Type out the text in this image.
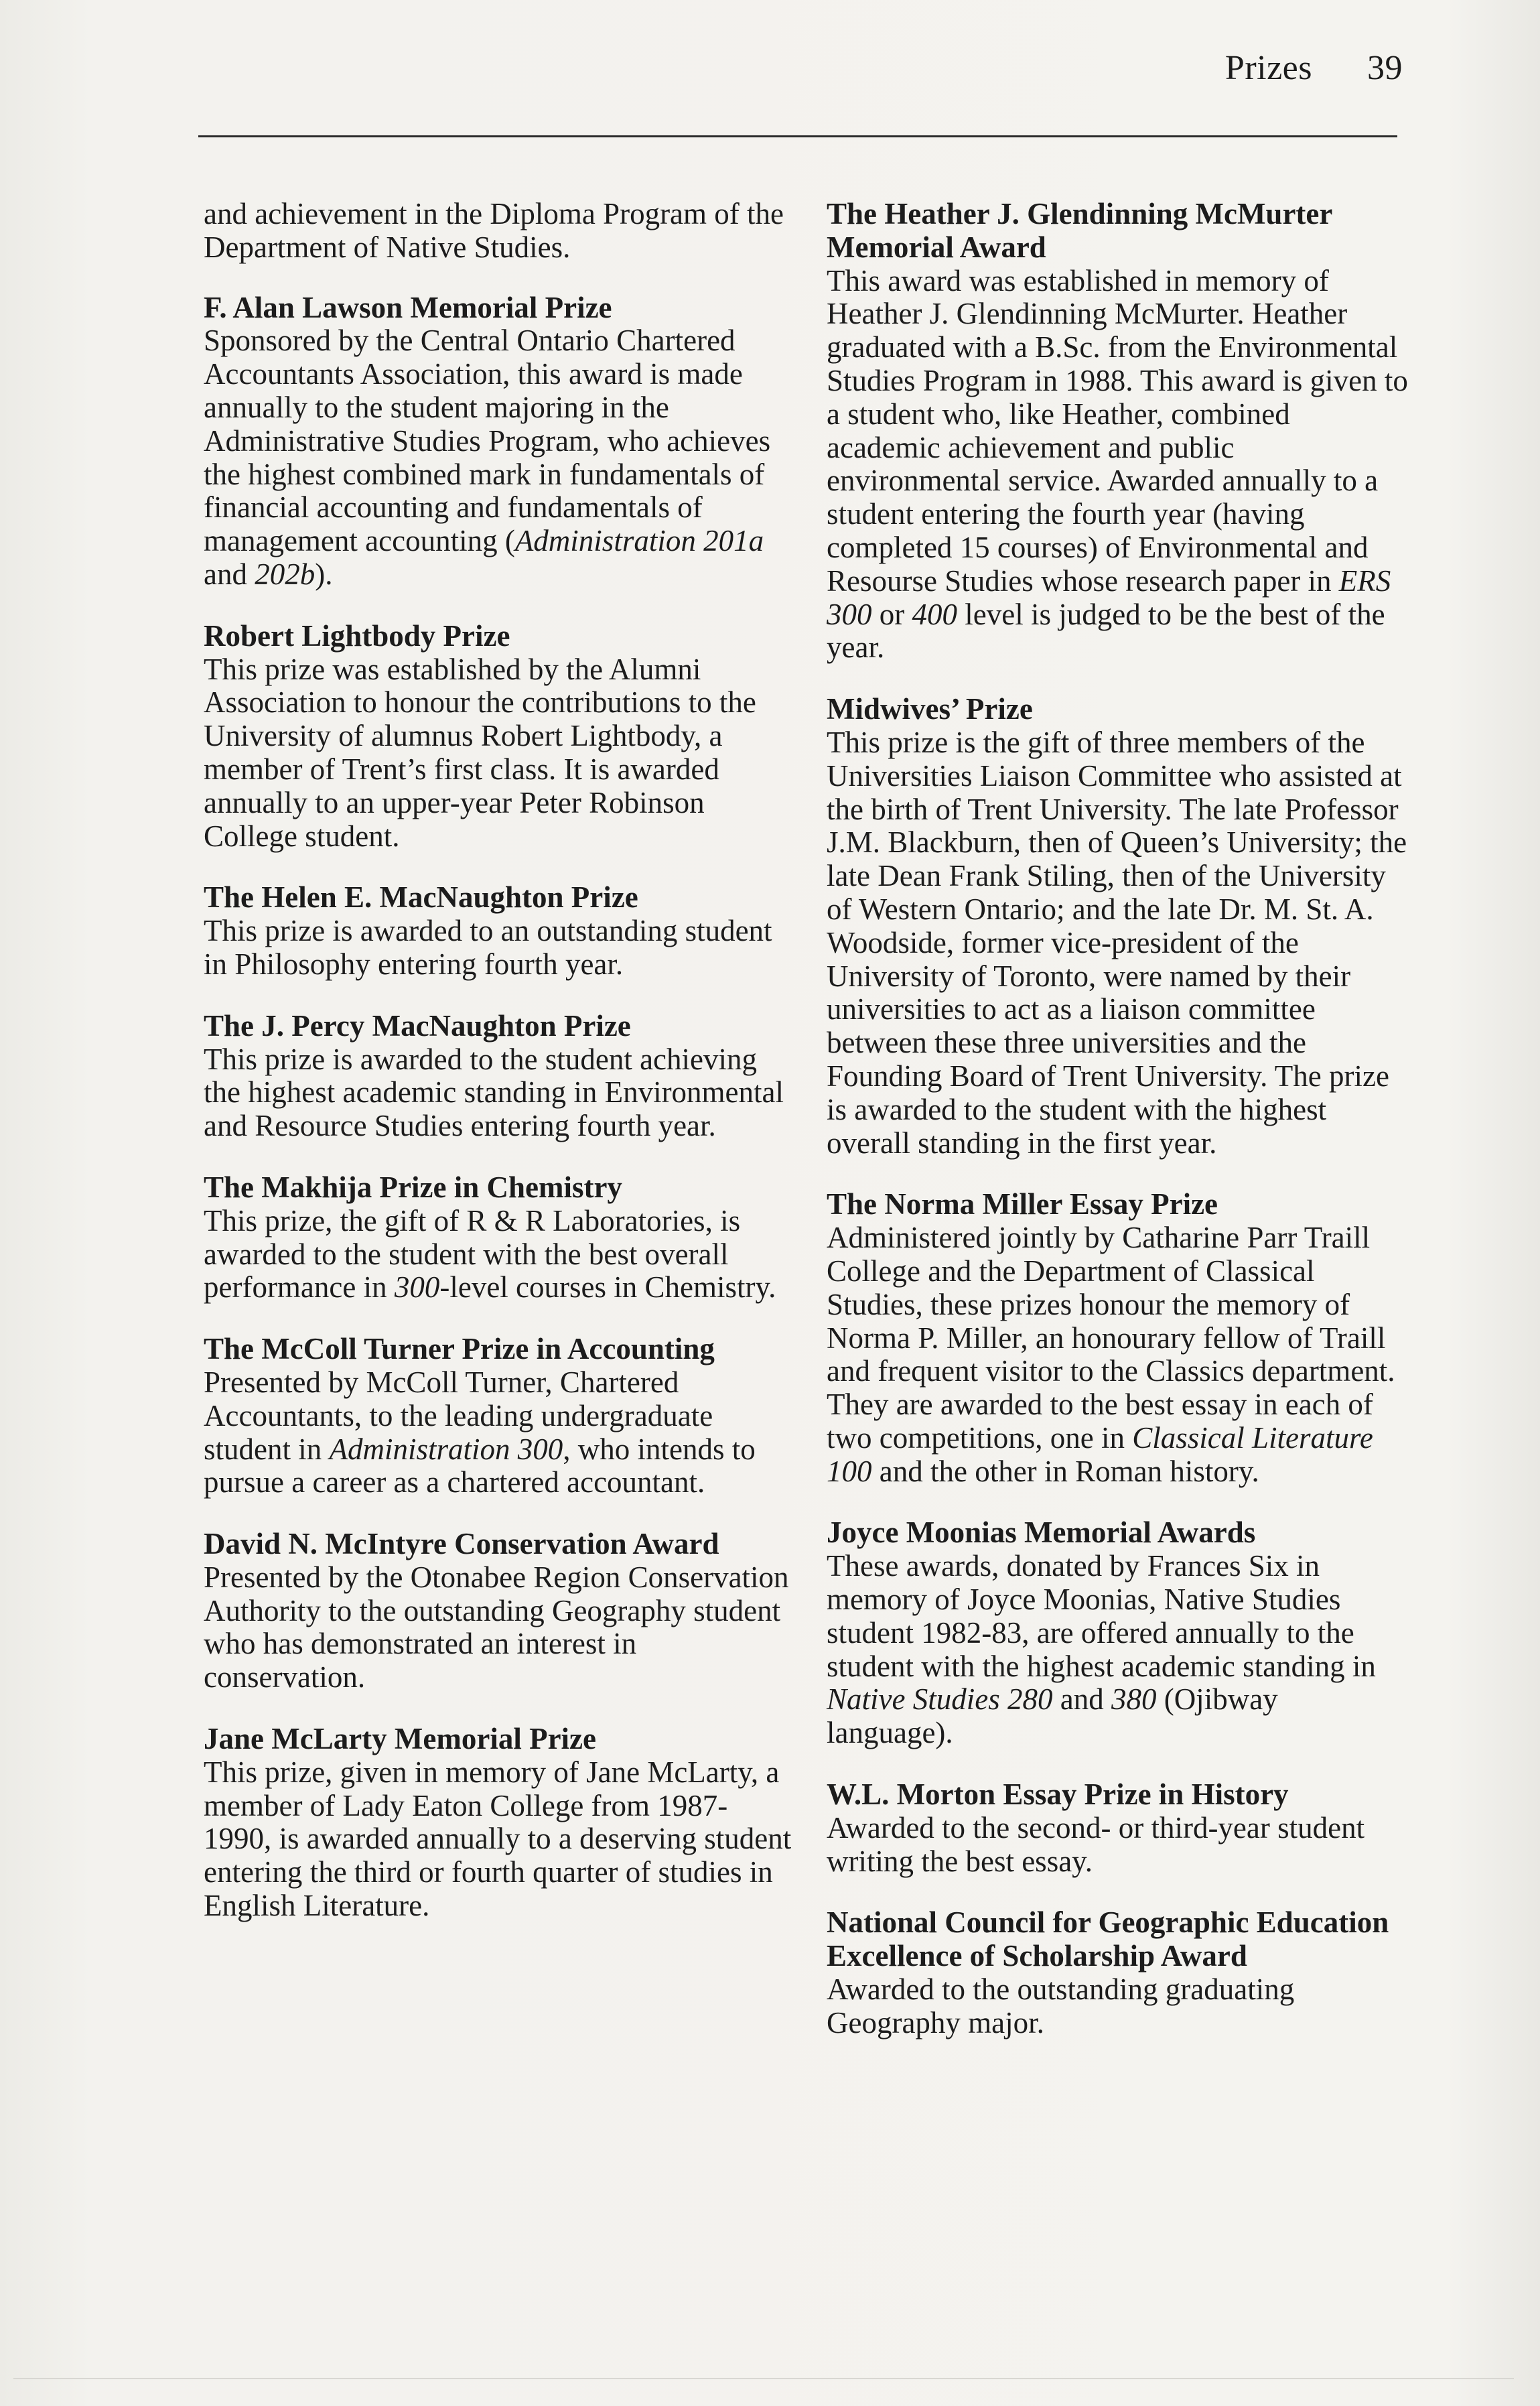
Prizes 39

and achievement in the Diploma Program of the Department of Native Studies.

F. Alan Lawson Memorial Prize
Sponsored by the Central Ontario Chartered Accountants Association, this award is made annually to the student majoring in the Administrative Studies Program, who achieves the highest combined mark in fundamentals of financial accounting and fundamentals of management accounting (Administration 201a and 202b).
Robert Lightbody Prize
This prize was established by the Alumni Association to honour the contributions to the University of alumnus Robert Lightbody, a member of Trent’s first class. It is awarded annually to an upper-year Peter Robinson College student.
The Helen E. MacNaughton Prize
This prize is awarded to an outstanding student in Philosophy entering fourth year.
The J. Percy MacNaughton Prize
This prize is awarded to the student achieving the highest academic standing in Environmental and Resource Studies entering fourth year.
The Makhija Prize in Chemistry
This prize, the gift of R & R Laboratories, is awarded to the student with the best overall performance in 300-level courses in Chemistry.
The McColl Turner Prize in Accounting
Presented by McColl Turner, Chartered Accountants, to the leading undergraduate student in Administration 300, who intends to pursue a career as a chartered accountant.
David N. McIntyre Conservation Award
Presented by the Otonabee Region Conservation Authority to the outstanding Geography student who has demonstrated an interest in conservation.
Jane McLarty Memorial Prize
This prize, given in memory of Jane McLarty, a member of Lady Eaton College from 1987-1990, is awarded annually to a deserving student entering the third or fourth quarter of studies in English Literature.
The Heather J. Glendinning McMurter Memorial Award
This award was established in memory of Heather J. Glendinning McMurter. Heather graduated with a B.Sc. from the Environmental Studies Program in 1988. This award is given to a student who, like Heather, combined academic achievement and public environmental service. Awarded annually to a student entering the fourth year (having completed 15 courses) of Environmental and Resourse Studies whose research paper in ERS 300 or 400 level is judged to be the best of the year.
Midwives’ Prize
This prize is the gift of three members of the Universities Liaison Committee who assisted at the birth of Trent University. The late Professor J.M. Blackburn, then of Queen’s University; the late Dean Frank Stiling, then of the University of Western Ontario; and the late Dr. M. St. A. Woodside, former vice-president of the University of Toronto, were named by their universities to act as a liaison committee between these three universities and the Founding Board of Trent University. The prize is awarded to the student with the highest overall standing in the first year.
The Norma Miller Essay Prize
Administered jointly by Catharine Parr Traill College and the Department of Classical Studies, these prizes honour the memory of Norma P. Miller, an honourary fellow of Traill and frequent visitor to the Classics department. They are awarded to the best essay in each of two competitions, one in Classical Literature 100 and the other in Roman history.
Joyce Moonias Memorial Awards
These awards, donated by Frances Six in memory of Joyce Moonias, Native Studies student 1982-83, are offered annually to the student with the highest academic standing in Native Studies 280 and 380 (Ojibway language).
W.L. Morton Essay Prize in History
Awarded to the second- or third-year student writing the best essay.
National Council for Geographic Education Excellence of Scholarship Award
Awarded to the outstanding graduating Geography major.
